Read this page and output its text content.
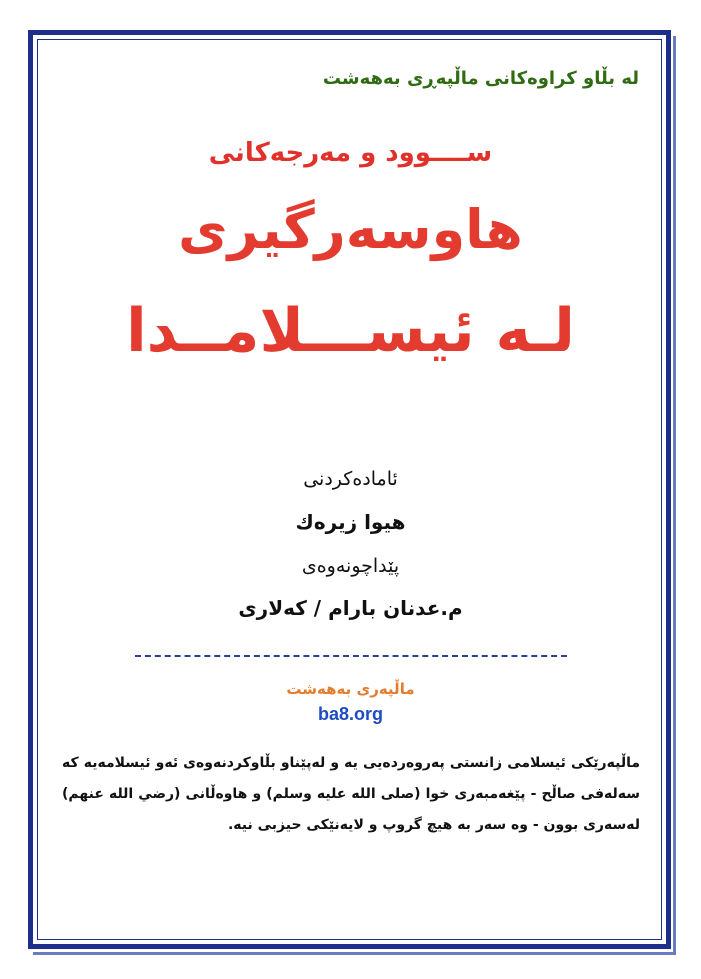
له بڵاو کراوەکانی ماڵپەڕی بەهەشت
ســــوود و مەرجەکانی
هاوسەرگیری
لـە ئیســـلامــدا
ئامادەکردنی
هیوا زیرەك
پێداچونەوەی
م.عدنان بارام / کەلاری
ماڵپەری بەهەشت
ba8.org
ماڵپەرێکی ئیسلامی زانستی پەروەردەیی یە و لەپێناو بڵاوکردنەوەی ئەو ئیسلامەیە کە سەلەفی صاڵح - پێغەمبەری خوا (صلى الله علیه وسلم) و هاوەڵانی (رضي الله عنهم) لەسەری بوون - وە سەر بە هیچ گروپ و لایەنێکی حیزبی نیە.
